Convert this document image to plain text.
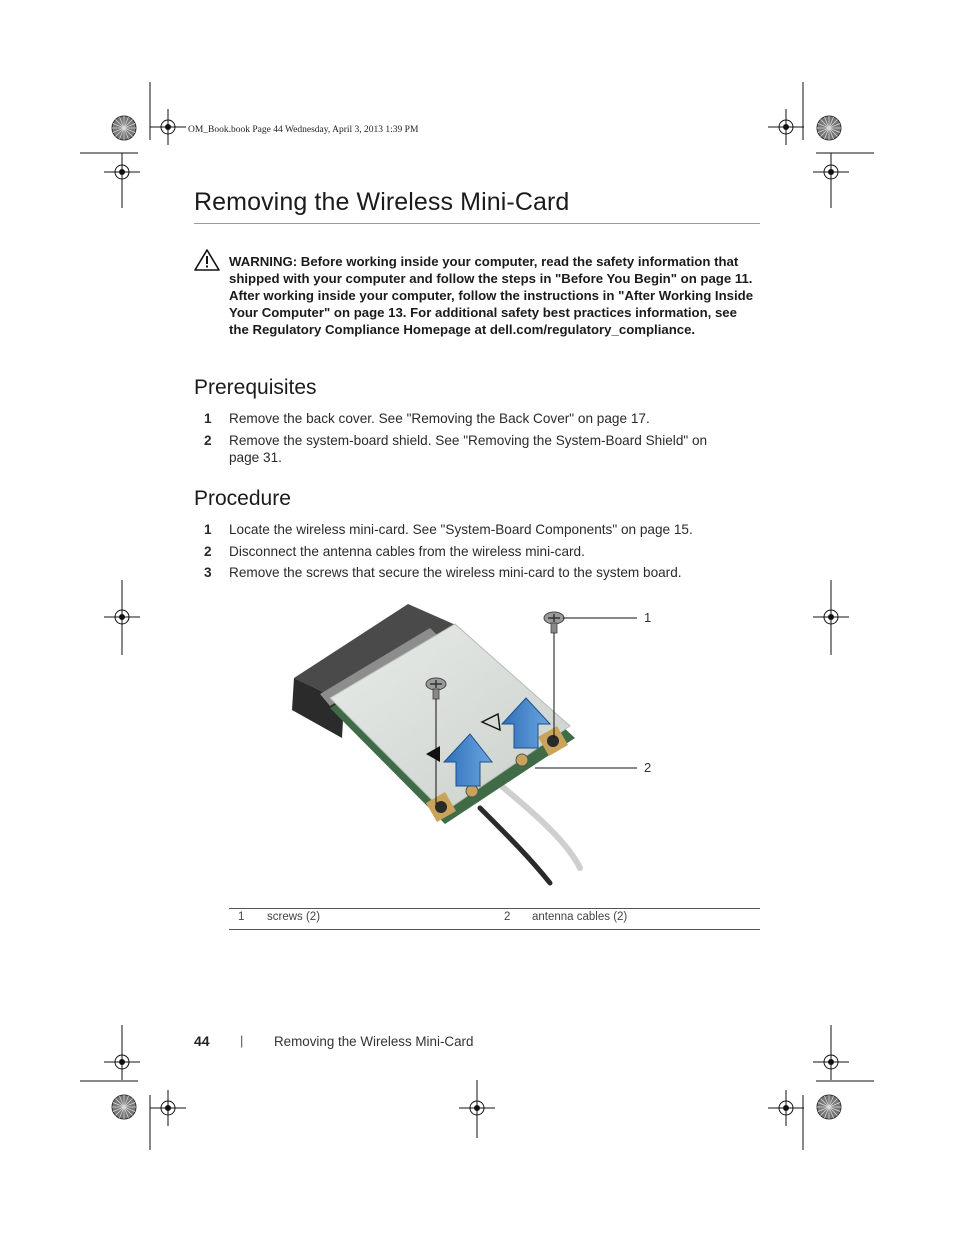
OM_Book.book Page 44 Wednesday, April 3, 2013 1:39 PM
Removing the Wireless Mini-Card
WARNING: Before working inside your computer, read the safety information that shipped with your computer and follow the steps in "Before You Begin" on page 11. After working inside your computer, follow the instructions in "After Working Inside Your Computer" on page 13. For additional safety best practices information, see the Regulatory Compliance Homepage at dell.com/regulatory_compliance.
Prerequisites
1	Remove the back cover. See "Removing the Back Cover" on page 17.
2	Remove the system-board shield. See "Removing the System-Board Shield" on page 31.
Procedure
1	Locate the wireless mini-card. See "System-Board Components" on page 15.
2	Disconnect the antenna cables from the wireless mini-card.
3	Remove the screws that secure the wireless mini-card to the system board.
1
2
1 screws (2)	2 antenna cables (2)
44 | Removing the Wireless Mini-Card
